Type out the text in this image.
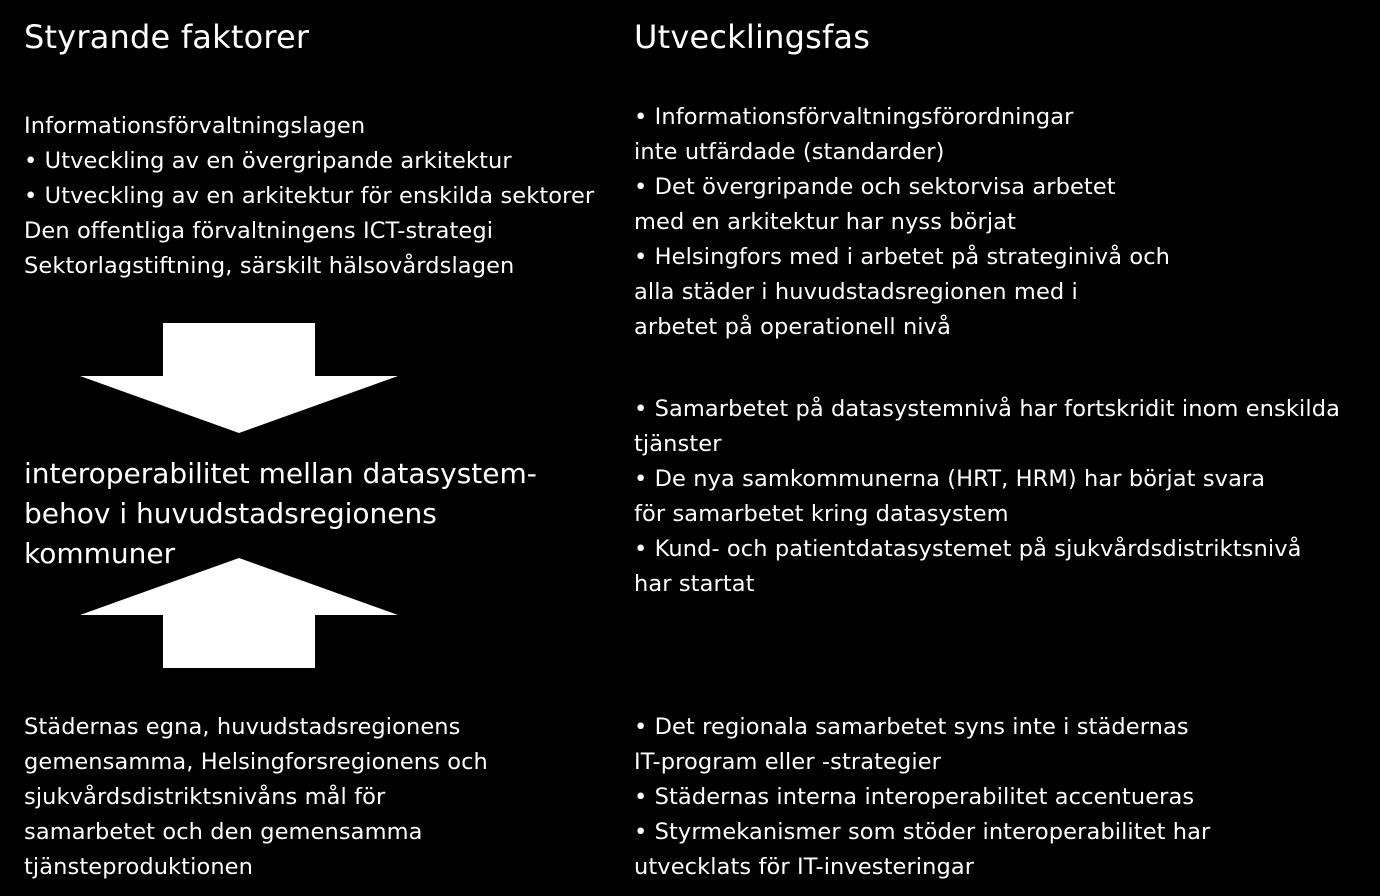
Styrande faktorer
Informationsförvaltningslagen
• Utveckling av en övergripande arkitektur
• Utveckling av en arkitektur för enskilda sektorer
Den offentliga förvaltningens ICT-strategi
Sektorlagstiftning, särskilt hälsovårdslagen
interoperabilitet mellan datasystem-
behov i huvudstadsregionens
kommuner
Städernas egna, huvudstadsregionens
gemensamma, Helsingforsregionens och
sjukvårdsdistriktsnivåns mål för
samarbetet och den gemensamma
tjänsteproduktionen
Utvecklingsfas
• Informationsförvaltningsförordningar
inte utfärdade (standarder)
• Det övergripande och sektorvisa arbetet
med en arkitektur har nyss börjat
• Helsingfors med i arbetet på strateginivå och
alla städer i huvudstadsregionen med i
arbetet på operationell nivå
• Samarbetet på datasystemnivå har fortskridit inom enskilda
tjänster
• De nya samkommunerna (HRT, HRM) har börjat svara
för samarbetet kring datasystem
• Kund- och patientdatasystemet på sjukvårdsdistriktsnivå
har startat
• Det regionala samarbetet syns inte i städernas
IT-program eller -strategier
• Städernas interna interoperabilitet accentueras
• Styrmekanismer som stöder interoperabilitet har
utvecklats för IT-investeringar
